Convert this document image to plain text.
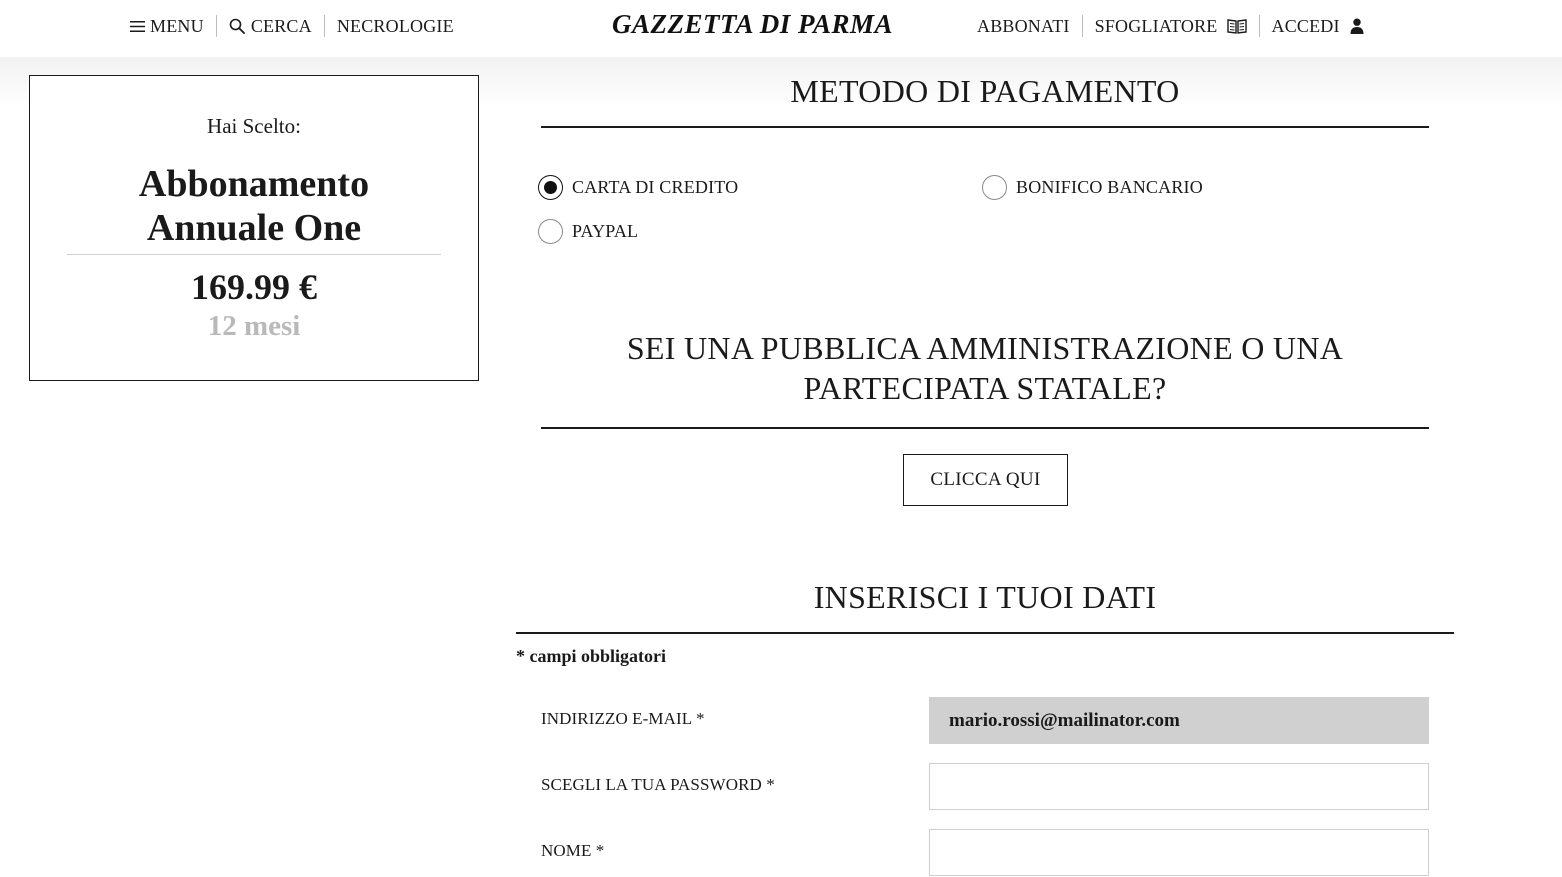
MENU	CERCA NECROLOGIE	GAZZETTA DI PARMA	ABBONATI SFOGLIATORE	ACCEDI
Hai Scelto:
Abbonamento
Annuale One
169.99 €
12 mesi
METODO DI PAGAMENTO
CARTA DI CREDITO	BONIFICO BANCARIO
PAYPAL
SEI UNA PUBBLICA AMMINISTRAZIONE O UNA
PARTECIPATA STATALE?
CLICCA QUI
INSERISCI I TUOI DATI
* campi obbligatori
INDIRIZZO E-MAIL *
mario.rossi@mailinator.com
SCEGLI LA TUA PASSWORD *
NOME *
